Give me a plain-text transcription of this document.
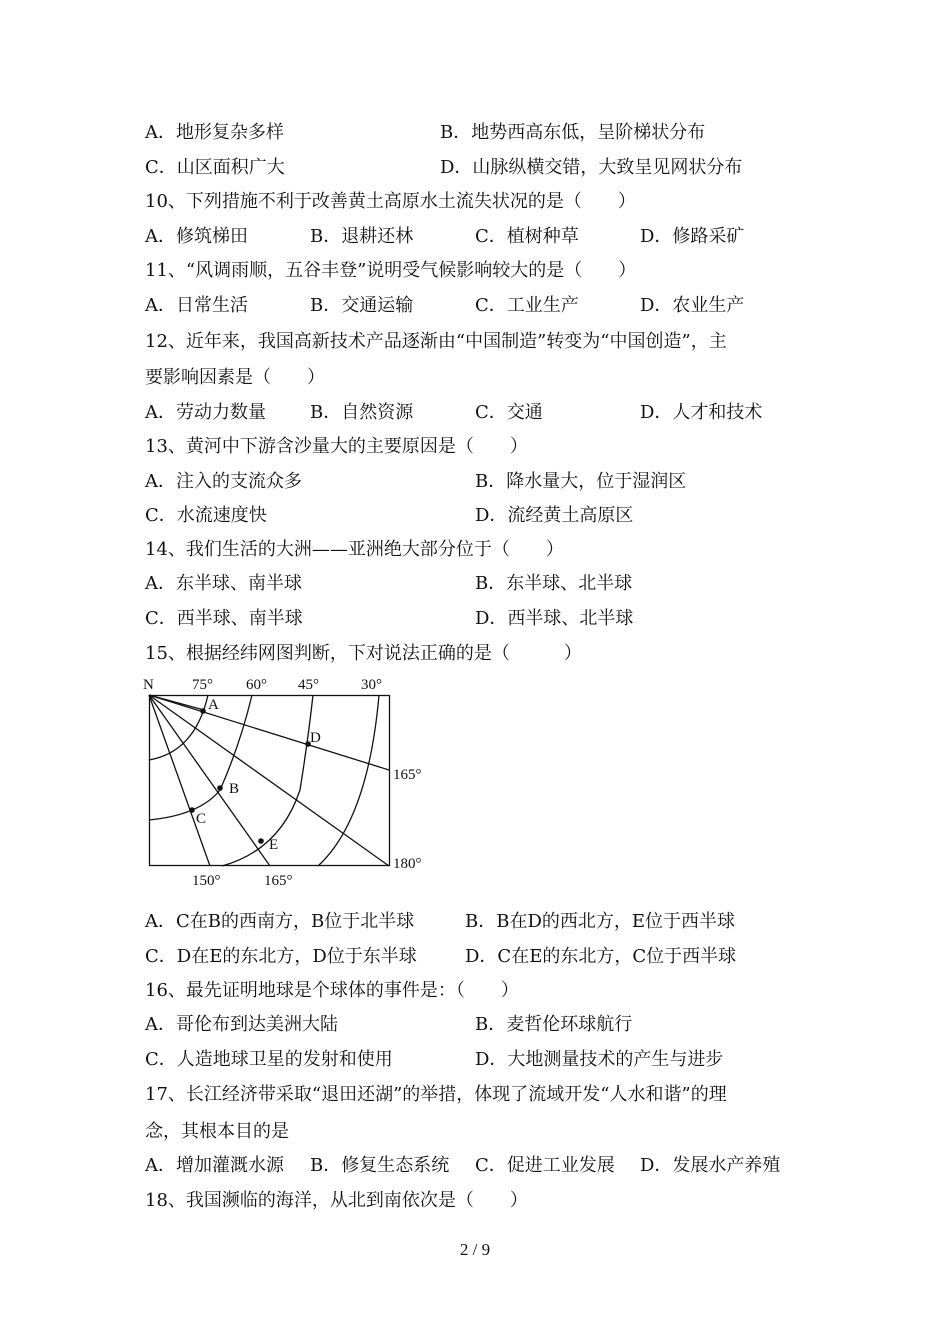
A．地形复杂多样	B．地势西高东低，呈阶梯状分布
C．山区面积广大	D．山脉纵横交错，大致呈见网状分布
10、下列措施不利于改善黄土高原水土流失状况的是（　　）
A．修筑梯田	B．退耕还林	C．植树种草	D．修路采矿
11、“风调雨顺，五谷丰登”说明受气候影响较大的是（　　）
A．日常生活	B．交通运输	C．工业生产	D．农业生产
12、近年来，我国高新技术产品逐渐由“中国制造”转变为“中国创造”，主
要影响因素是（　　）
A．劳动力数量 B．自然资源	C．交通	D．人才和技术
13、黄河中下游含沙量大的主要原因是（　　）
A．注入的支流众多	B．降水量大，位于湿润区
C．水流速度快	D．流经黄土高原区
14、我们生活的大洲——亚洲绝大部分位于（　　）
A．东半球、南半球	B．东半球、北半球
C．西半球、南半球	D．西半球、北半球
15、根据经纬网图判断，下对说法正确的是（　　　）
N	75° 60° 45°	30°
165°
180°
150°	165°
A
B
C
D
E
A．C在B的西南方，B位于北半球	B．B在D的西北方，E位于西半球
C．D在E的东北方，D位于东半球	D．C在E的东北方，C位于西半球
16、最先证明地球是个球体的事件是：（　　）
A．哥伦布到达美洲大陆	B．麦哲伦环球航行
C．人造地球卫星的发射和使用	D．大地测量技术的产生与进步
17、长江经济带采取“退田还湖”的举措，体现了流域开发“人水和谐”的理
念，其根本目的是
A．增加灌溉水源 B．修复生态系统 C．促进工业发展 D．发展水产养殖
18、我国濒临的海洋，从北到南依次是（　　）
2 / 9
